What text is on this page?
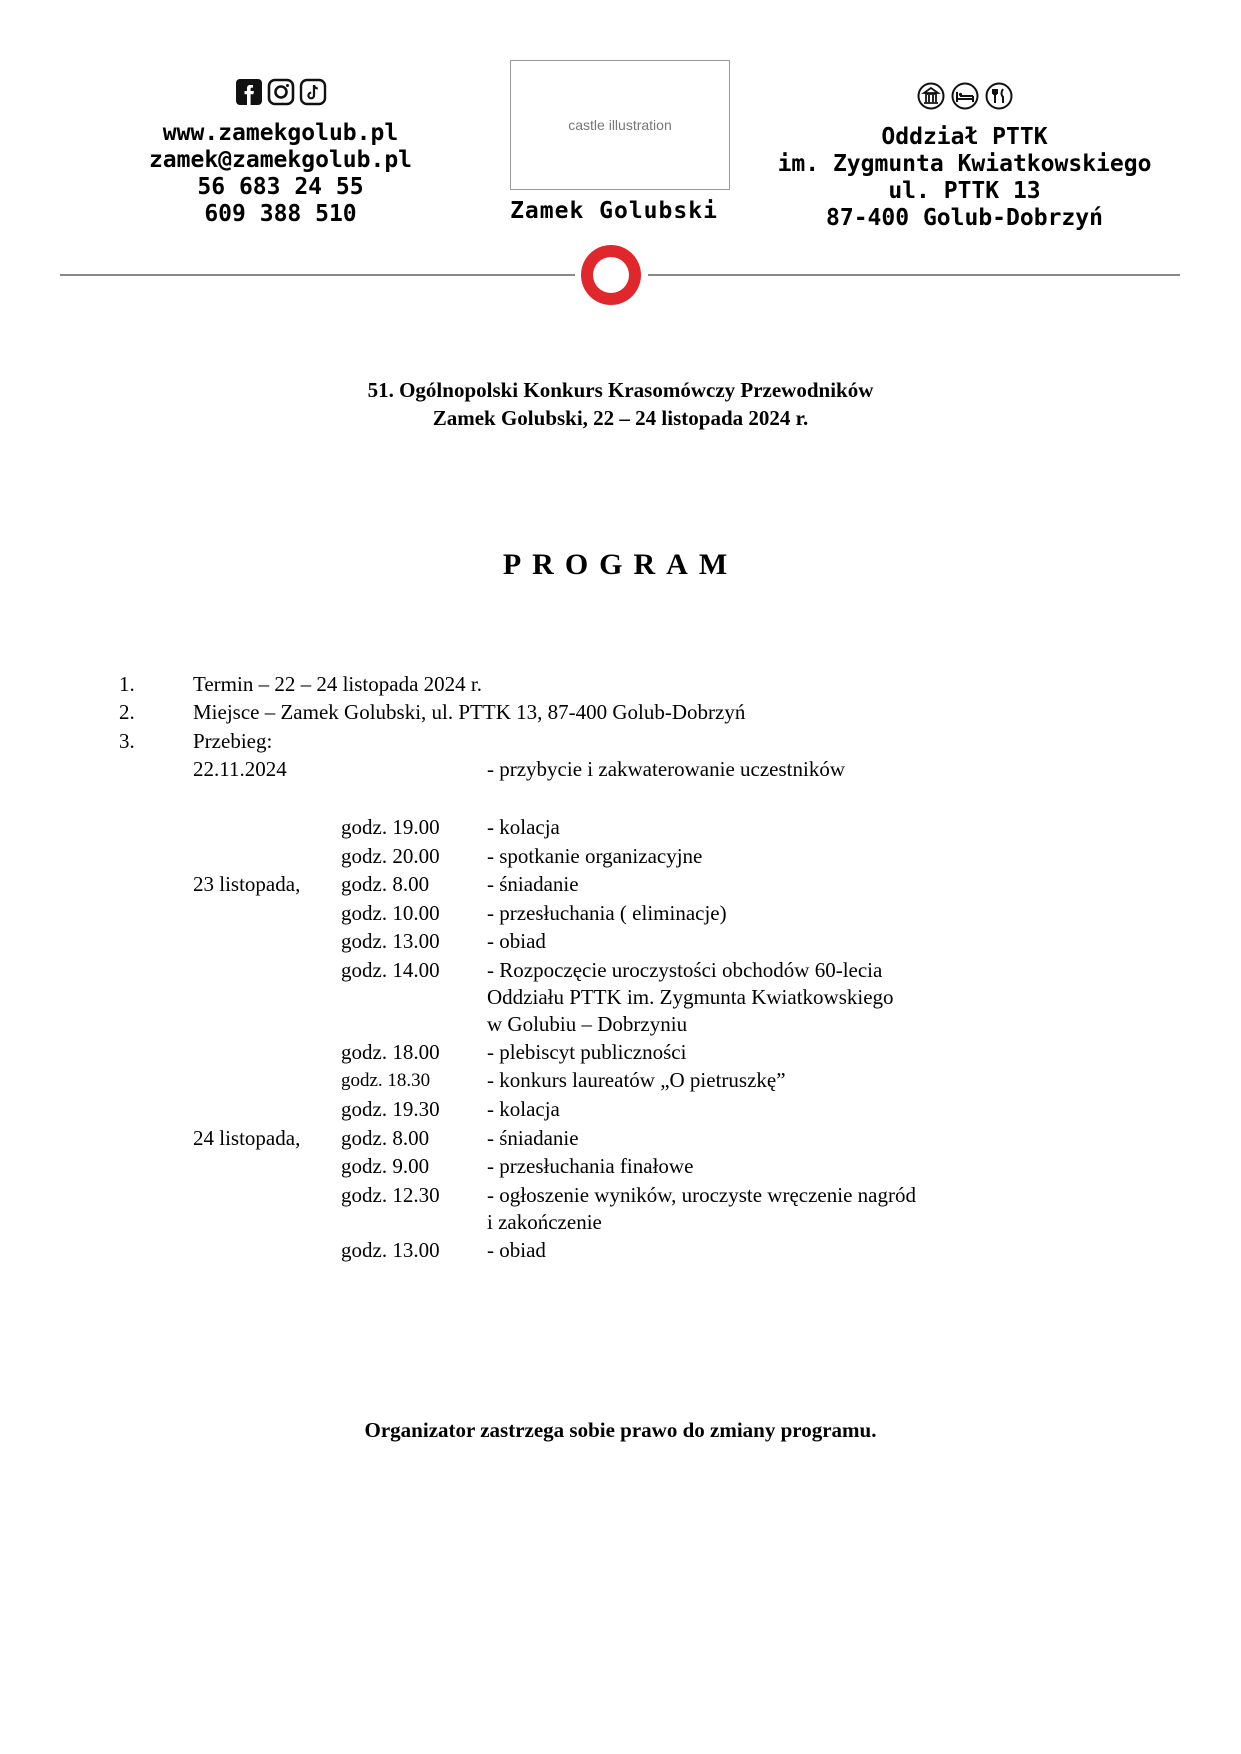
www.zamekgolub.pl
zamek@zamekgolub.pl
56 683 24 55
609 388 510
castle illustration
Zamek Golubski
Oddział PTTK
im. Zygmunta Kwiatkowskiego
ul. PTTK 13
87-400 Golub-Dobrzyń
51. Ogólnopolski Konkurs Krasomówczy Przewodników
Zamek Golubski, 22 – 24 listopada 2024 r.
PROGRAM
1.	Termin – 22 – 24 listopada 2024 r.
2.	Miejsce – Zamek Golubski, ul. PTTK 13, 87-400 Golub-Dobrzyń
3.	Przebieg:
22.11.2024	- przybycie i zakwaterowanie uczestników
godz. 19.00 - kolacja
godz. 20.00 - spotkanie organizacyjne
23 listopada, godz. 8.00	- śniadanie
godz. 10.00 - przesłuchania ( eliminacje)
godz. 13.00 - obiad
godz. 14.00 - Rozpoczęcie uroczystości obchodów 60-lecia
Oddziału PTTK im. Zygmunta Kwiatkowskiego
w Golubiu – Dobrzyniu
godz. 18.00 - plebiscyt publiczności
godz. 18.30	- konkurs laureatów „O pietruszkę”
godz. 19.30 - kolacja
24 listopada, godz. 8.00	- śniadanie
godz. 9.00	- przesłuchania finałowe
godz. 12.30 - ogłoszenie wyników, uroczyste wręczenie nagród
i zakończenie
godz. 13.00 - obiad
Organizator zastrzega sobie prawo do zmiany programu.
